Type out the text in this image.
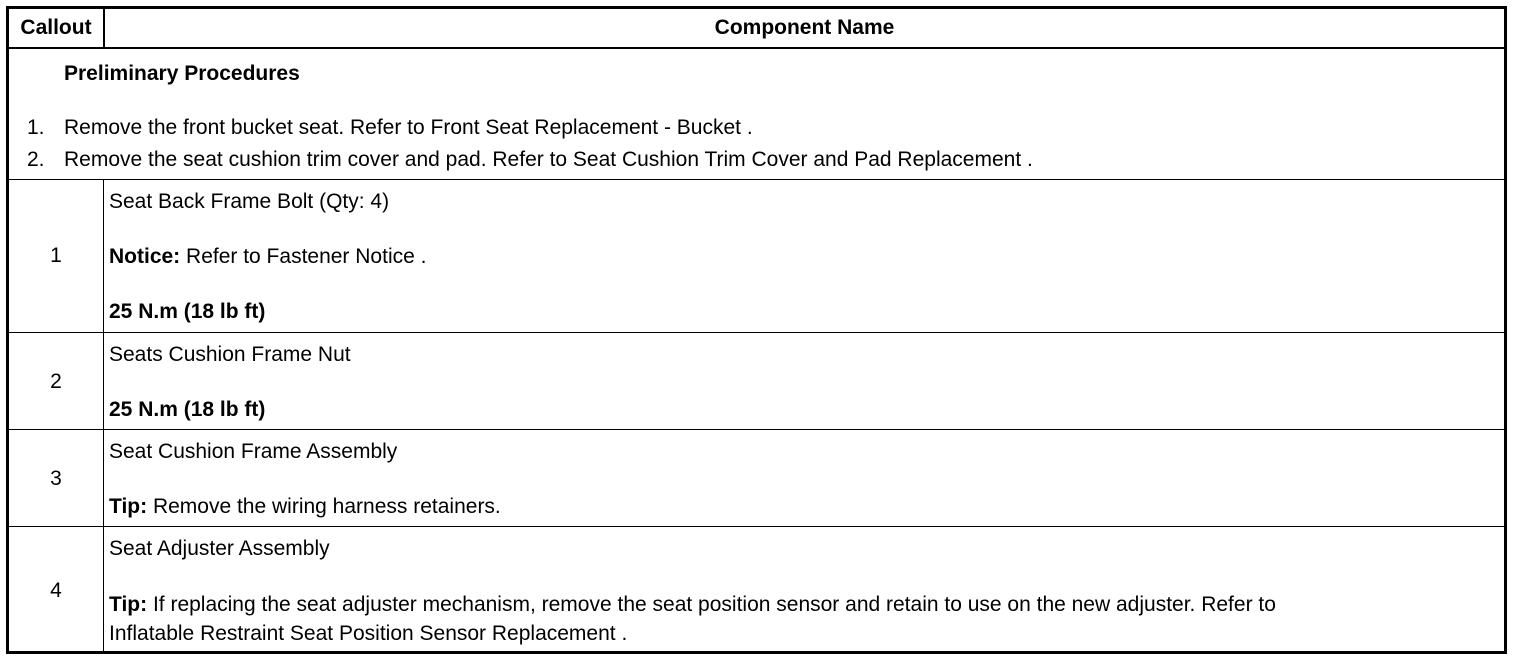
Callout	Component Name
Preliminary Procedures
1. Remove the front bucket seat. Refer to Front Seat Replacement - Bucket .
2. Remove the seat cushion trim cover and pad. Refer to Seat Cushion Trim Cover and Pad Replacement .
1
Seat Back Frame Bolt (Qty: 4)
Notice: Refer to Fastener Notice .
25 N.m (18 lb ft)
2
Seats Cushion Frame Nut
25 N.m (18 lb ft)
3
Seat Cushion Frame Assembly
Tip: Remove the wiring harness retainers.
4
Seat Adjuster Assembly
Tip: If replacing the seat adjuster mechanism, remove the seat position sensor and retain to use on the new adjuster. Refer to
Inflatable Restraint Seat Position Sensor Replacement .
